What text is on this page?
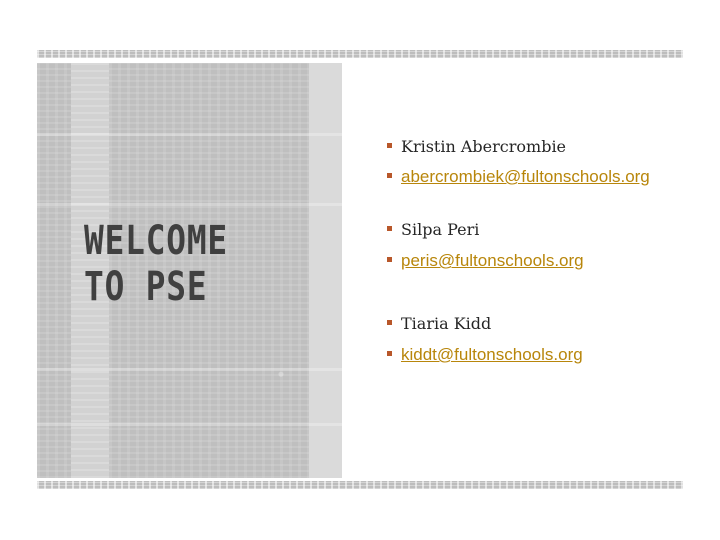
WELCOME
TO PSE
Kristin Abercrombie
abercrombiek@fultonschools.org
Silpa Peri
peris@fultonschools.org
Tiaria Kidd
kiddt@fultonschools.org
